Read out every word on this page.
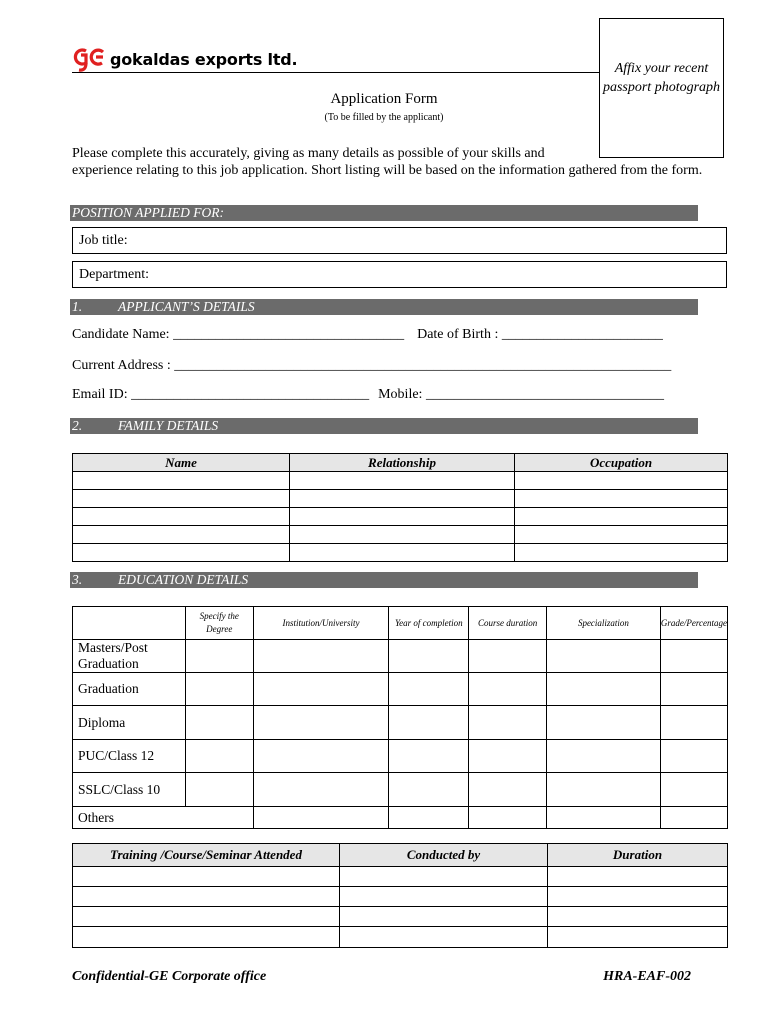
gokaldas exports ltd.	Affix your recent passport photograph
Application Form
(To be filled by the applicant)
Please complete this accurately, giving as many details as possible of your skills and
experience relating to this job application. Short listing will be based on the information gathered from the form.
POSITION APPLIED FOR:
Job title:
Department:
1.	APPLICANT’S DETAILS
Candidate Name: _________________________________ Date of Birth : _______________________
Current Address : _______________________________________________________________________
Email ID: __________________________________ Mobile: __________________________________
2.	FAMILY DETAILS
Name	Relationship	Occupation

3.	EDUCATION DETAILS
	Specify the Degree	Institution/University	Year of completion	Course duration	Specialization	Grade/Percentage
Masters/Post Graduation						
Graduation						
Diploma						
PUC/Class 12						
SSLC/Class 10						
Others						
Training /Course/Seminar Attended	Conducted by	Duration

Confidential-GE Corporate office	HRA-EAF-002
